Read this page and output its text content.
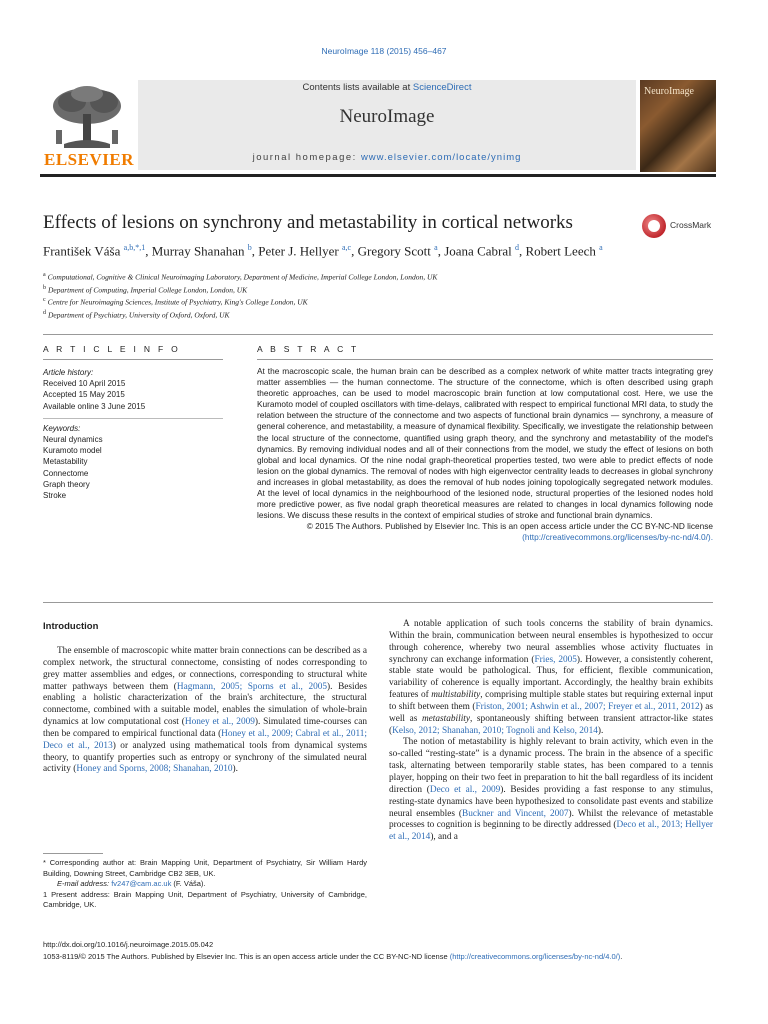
NeuroImage 118 (2015) 456–467
ELSEVIER
Contents lists available at ScienceDirect
NeuroImage
journal homepage: www.elsevier.com/locate/ynimg
NeuroImage
Effects of lesions on synchrony and metastability in cortical networks	CrossMark
František Váša $^{a,b,*,1}$, Murray Shanahan $^b$, Peter J. Hellyer $^{a,c}$, Gregory Scott $^a$, Joana Cabral $^d$, Robert Leech $^a$
$^a$ Computational, Cognitive & Clinical Neuroimaging Laboratory, Department of Medicine, Imperial College London, London, UK
$^b$ Department of Computing, Imperial College London, London, UK
$^c$ Centre for Neuroimaging Sciences, Institute of Psychiatry, King's College London, UK
$^d$ Department of Psychiatry, University of Oxford, Oxford, UK
A R T I C L E I N F O	A B S T R A C T
Article history:
Received 10 April 2015
Accepted 15 May 2015
Available online 3 June 2015
Keywords:
Neural dynamics
Kuramoto model
Metastability
Connectome
Graph theory
Stroke
At the macroscopic scale, the human brain can be described as a complex network of white matter tracts integrating grey matter assemblies — the human connectome. The structure of the connectome, which is often described using graph theoretic approaches, can be used to model macroscopic brain function at low computational cost. Here, we use the Kuramoto model of coupled oscillators with time-delays, calibrated with respect to empirical functional MRI data, to study the relation between the structure of the connectome and two aspects of functional brain dynamics — synchrony, a measure of general coherence, and metastability, a measure of dynamical flexibility. Specifically, we investigate the relationship between the local structure of the connectome, quantified using graph theory, and the synchrony and metastability of the model's dynamics. By removing individual nodes and all of their connections from the model, we study the effect of lesions on both global and local dynamics. Of the nine nodal graph-theoretical properties tested, two were able to predict effects of node lesion on the global dynamics. The removal of nodes with high eigenvector centrality leads to decreases in global synchrony and increases in global metastability, as does the removal of hub nodes joining topologically segregated network modules. At the level of local dynamics in the neighbourhood of the lesioned node, structural properties of the lesioned nodes hold more predictive power, as five nodal graph theoretical measures are related to changes in local dynamics following node lesions. We discuss these results in the context of empirical studies of stroke and functional brain dynamics.
© 2015 The Authors. Published by Elsevier Inc. This is an open access article under the CC BY-NC-ND license
(http://creativecommons.org/licenses/by-nc-nd/4.0/).
Introduction

The ensemble of macroscopic white matter brain connections can be described as a complex network, the structural connectome, consisting of nodes corresponding to grey matter assemblies and edges, or connections, corresponding to structural white matter pathways between them (Hagmann, 2005; Sporns et al., 2005). Besides enabling a holistic characterization of the brain's architecture, the structural connectome, combined with a suitable model, enables the simulation of whole-brain dynamics at low computational cost (Honey et al., 2009). Simulated time-courses can then be compared to empirical functional data (Honey et al., 2009; Cabral et al., 2011; Deco et al., 2013) or analyzed using mathematical tools from dynamical systems theory, to quantify properties such as entropy or synchrony of the simulated neural activity (Honey and Sporns, 2008; Shanahan, 2010).

A notable application of such tools concerns the stability of brain dynamics. Within the brain, communication between neural ensembles is hypothesized to occur through coherence, whereby two neural assemblies whose activity fluctuates in synchrony can exchange information (Fries, 2005). However, a consistently coherent, stable state would be pathological. Thus, for efficient, flexible communication, variability of coherence is equally important. Accordingly, the healthy brain exhibits features of multistability, comprising multiple stable states but requiring external input to shift between them (Friston, 2001; Ashwin et al., 2007; Freyer et al., 2011, 2012) as well as metastability, spontaneously shifting between transient attractor-like states (Kelso, 2012; Shanahan, 2010; Tognoli and Kelso, 2014).

The notion of metastability is highly relevant to brain activity, which even in the so-called “resting-state” is a dynamic process. The brain in the absence of a specific task, alternating between temporarily stable states, has been compared to a tennis player, hopping on their two feet in preparation to hit the ball regardless of its incident direction (Deco et al., 2009). Besides providing a fast response to any stimulus, resting-state dynamics have been hypothesized to consolidate past events and stabilize neural ensembles (Buckner and Vincent, 2007). Whilst the relevance of metastable processes to cognition is beginning to be directly addressed (Deco et al., 2013; Hellyer et al., 2014), and a

* Corresponding author at: Brain Mapping Unit, Department of Psychiatry, Sir William Hardy Building, Downing Street, Cambridge CB2 3EB, UK.

E-mail address: fv247@cam.ac.uk (F. Váša).

1 Present address: Brain Mapping Unit, Department of Psychiatry, University of Cambridge, Cambridge, UK.

http://dx.doi.org/10.1016/j.neuroimage.2015.05.042
1053-8119/© 2015 The Authors. Published by Elsevier Inc. This is an open access article under the CC BY-NC-ND license (http://creativecommons.org/licenses/by-nc-nd/4.0/).
